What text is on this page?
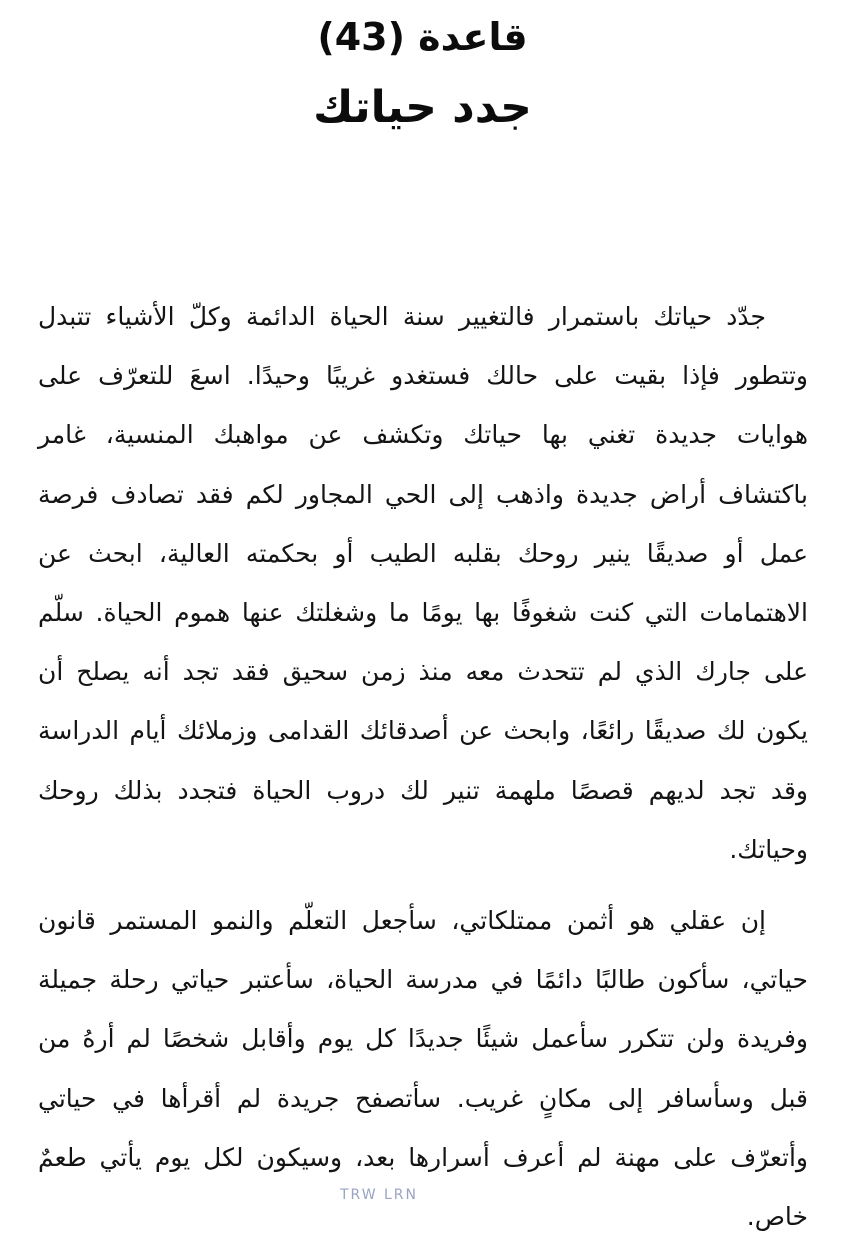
قاعدة (43)
جدد حياتك

جدّد حياتك باستمرار فالتغيير سنة الحياة الدائمة وكلّ الأشياء تتبدل وتتطور فإذا بقيت على حالك فستغدو غريبًا وحيدًا. اسعَ للتعرّف على هوايات جديدة تغني بها حياتك وتكشف عن مواهبك المنسية، غامر باكتشاف أراض جديدة واذهب إلى الحي المجاور لكم فقد تصادف فرصة عمل أو صديقًا ينير روحك بقلبه الطيب أو بحكمته العالية، ابحث عن الاهتمامات التي كنت شغوفًا بها يومًا ما وشغلتك عنها هموم الحياة. سلّم على جارك الذي لم تتحدث معه منذ زمن سحيق فقد تجد أنه يصلح أن يكون لك صديقًا رائعًا، وابحث عن أصدقائك القدامى وزملائك أيام الدراسة وقد تجد لديهم قصصًا ملهمة تنير لك دروب الحياة فتجدد بذلك روحك وحياتك.

إن عقلي هو أثمن ممتلكاتي، سأجعل التعلّم والنمو المستمر قانون حياتي، سأكون طالبًا دائمًا في مدرسة الحياة، سأعتبر حياتي رحلة جميلة وفريدة ولن تتكرر سأعمل شيئًا جديدًا كل يوم وأقابل شخصًا لم أرهُ من قبل وسأسافر إلى مكانٍ غريب. سأتصفح جريدة لم أقرأها في حياتي وأتعرّف على مهنة لم أعرف أسرارها بعد، وسيكون لكل يوم يأتي طعمٌ خاص.

TRW LRN
